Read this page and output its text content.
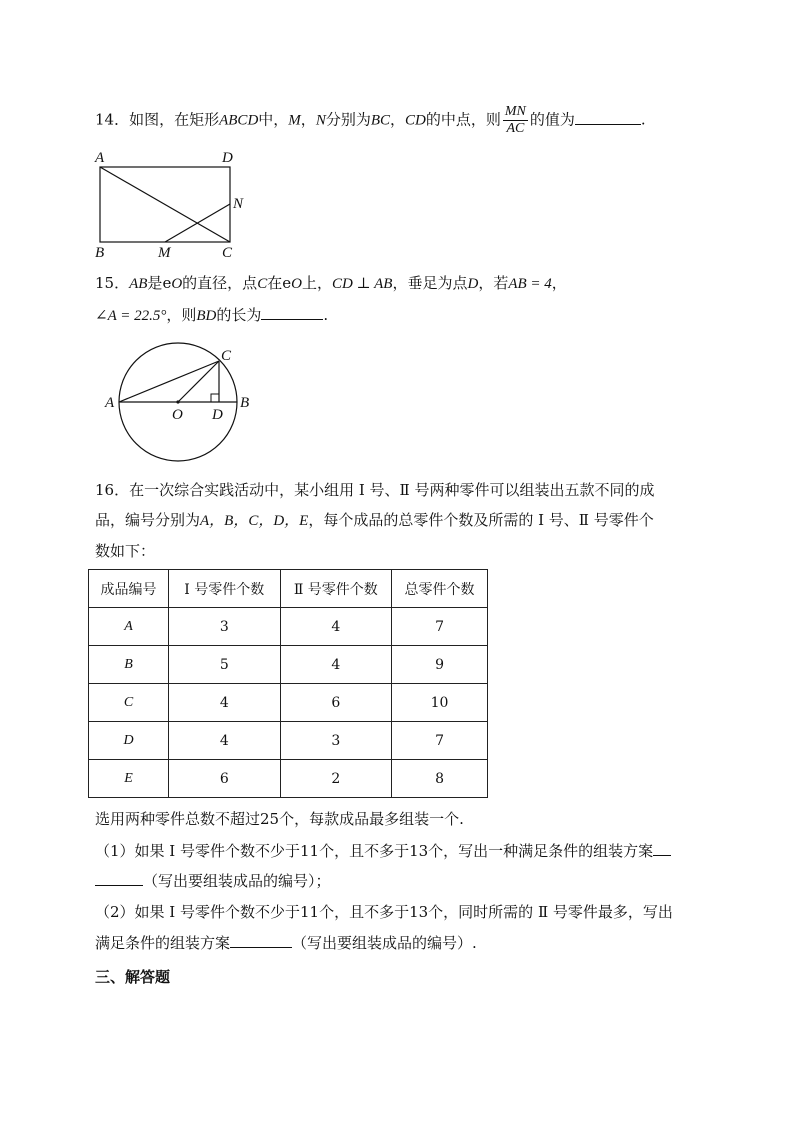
14．如图，在矩形ABCD中，M，N分别为BC，CD的中点，则 $\frac{MN}{AC}$ 的值为	.
A	D
N
B	M	C
15．AB是eO的直径，点C在eO上，CD ⊥ AB，垂足为点D，若AB = 4，
∠A = 22.5°，则BD的长为	.
A	B
C
O D
16．在一次综合实践活动中，某小组用 Ⅰ 号、Ⅱ 号两种零件可以组装出五款不同的成
品，编号分别为A，B，C，D，E，每个成品的总零件个数及所需的 Ⅰ 号、Ⅱ 号零件个
数如下：
成品编号	Ⅰ 号零件个数	Ⅱ 号零件个数	总零件个数
A	3	4	7
B	5	4	9
C	4	6	10
D	4	3	7
E	6	2	8
选用两种零件总数不超过25个，每款成品最多组装一个.
（1）如果 Ⅰ 号零件个数不少于11个，且不多于13个，写出一种满足条件的组装方案
（写出要组装成品的编号）；
（2）如果 Ⅰ 号零件个数不少于11个，且不多于13个，同时所需的 Ⅱ 号零件最多，写出
满足条件的组装方案	（写出要组装成品的编号）.
三、解答题
